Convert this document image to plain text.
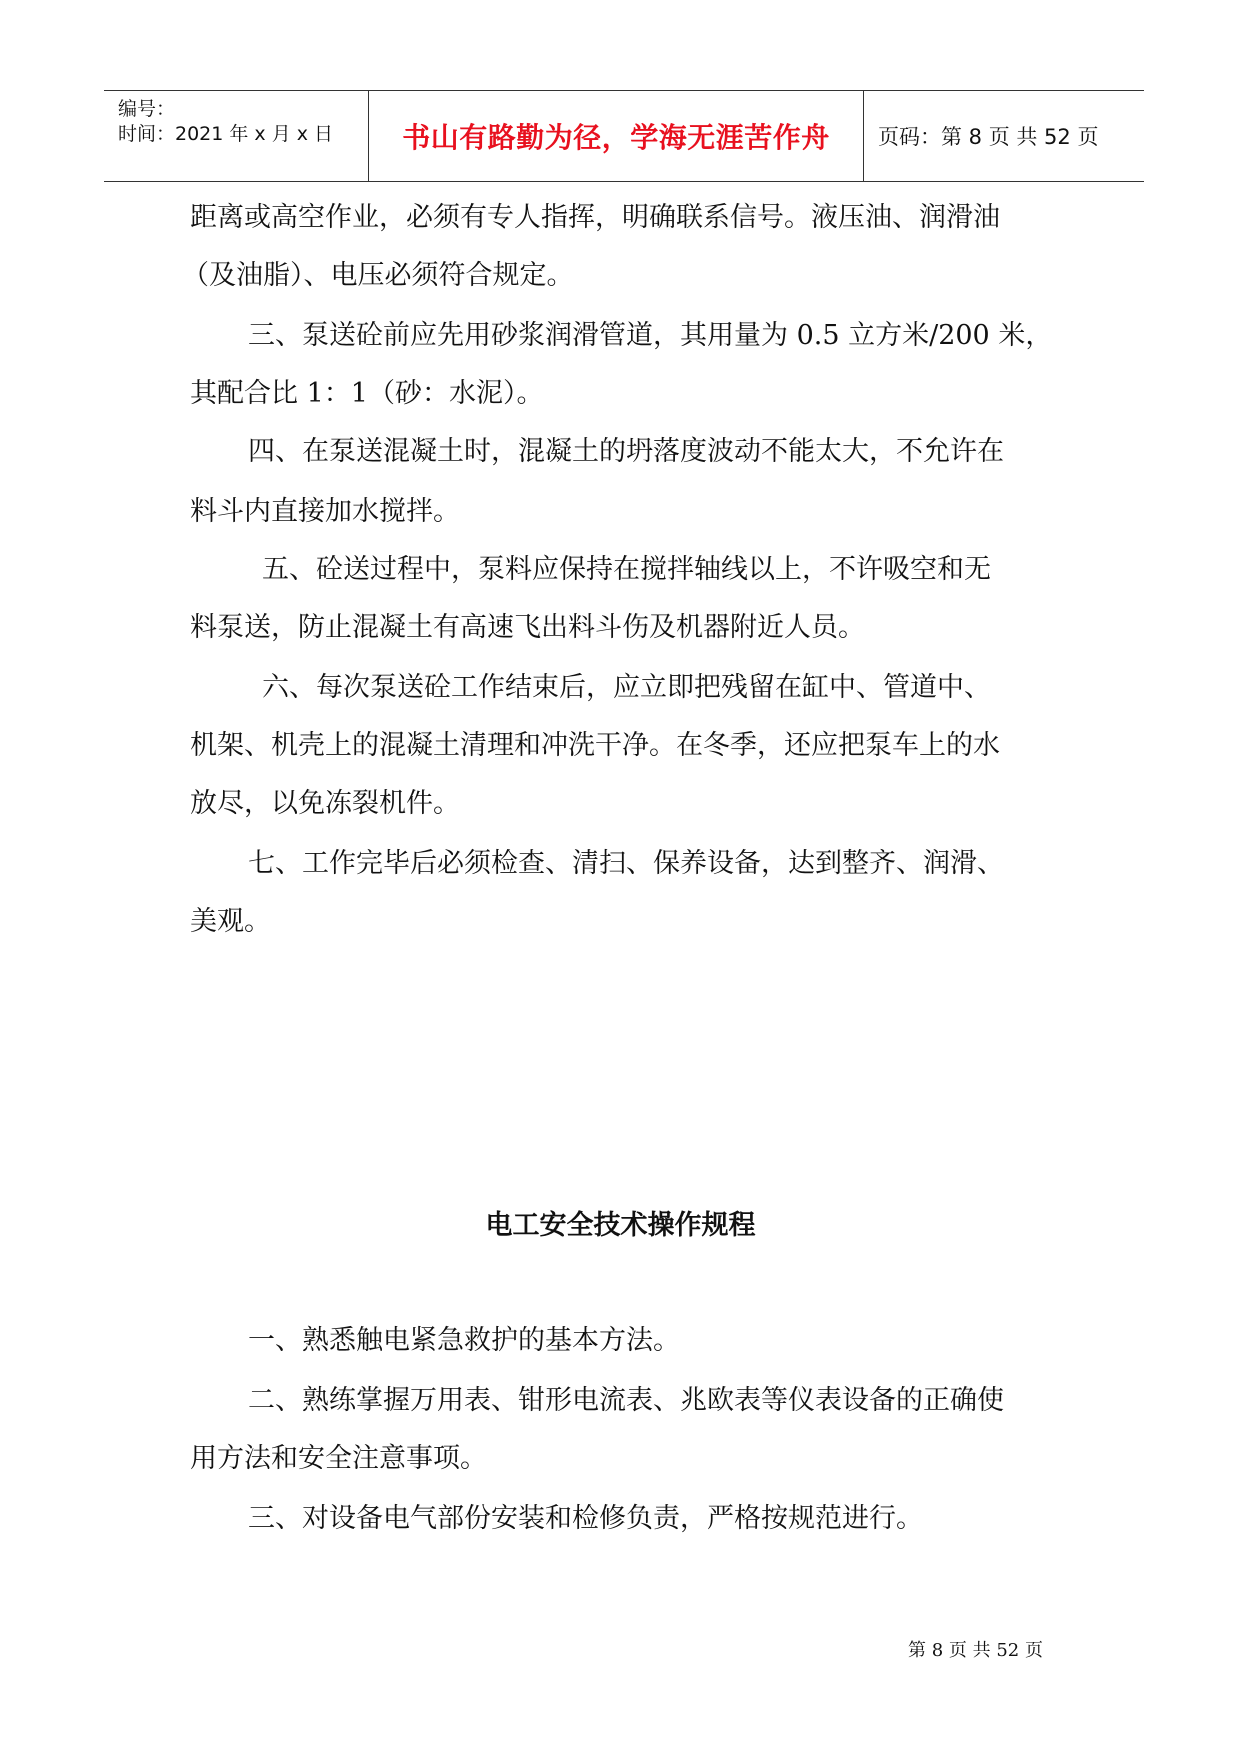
编号：
时间：2021 年 x 月 x 日 书山有路勤为径，学海无涯苦作舟	页码：第 8 页 共 52 页
距离或高空作业，必须有专人指挥，明确联系信号。液压油、润滑油
（及油脂）、电压必须符合规定。
三、泵送砼前应先用砂浆润滑管道，其用量为 0.5 立方米/200 米，
其配合比 1：1（砂：水泥）。
四、在泵送混凝土时，混凝土的坍落度波动不能太大，不允许在
料斗内直接加水搅拌。
五、砼送过程中，泵料应保持在搅拌轴线以上，不许吸空和无
料泵送，防止混凝土有高速飞出料斗伤及机器附近人员。
六、每次泵送砼工作结束后，应立即把残留在缸中、管道中、
机架、机壳上的混凝土清理和冲洗干净。在冬季，还应把泵车上的水
放尽，以免冻裂机件。
七、工作完毕后必须检查、清扫、保养设备，达到整齐、润滑、
美观。
电工安全技术操作规程
一、熟悉触电紧急救护的基本方法。
二、熟练掌握万用表、钳形电流表、兆欧表等仪表设备的正确使
用方法和安全注意事项。
三、对设备电气部份安装和检修负责，严格按规范进行。
第 8 页 共 52 页
